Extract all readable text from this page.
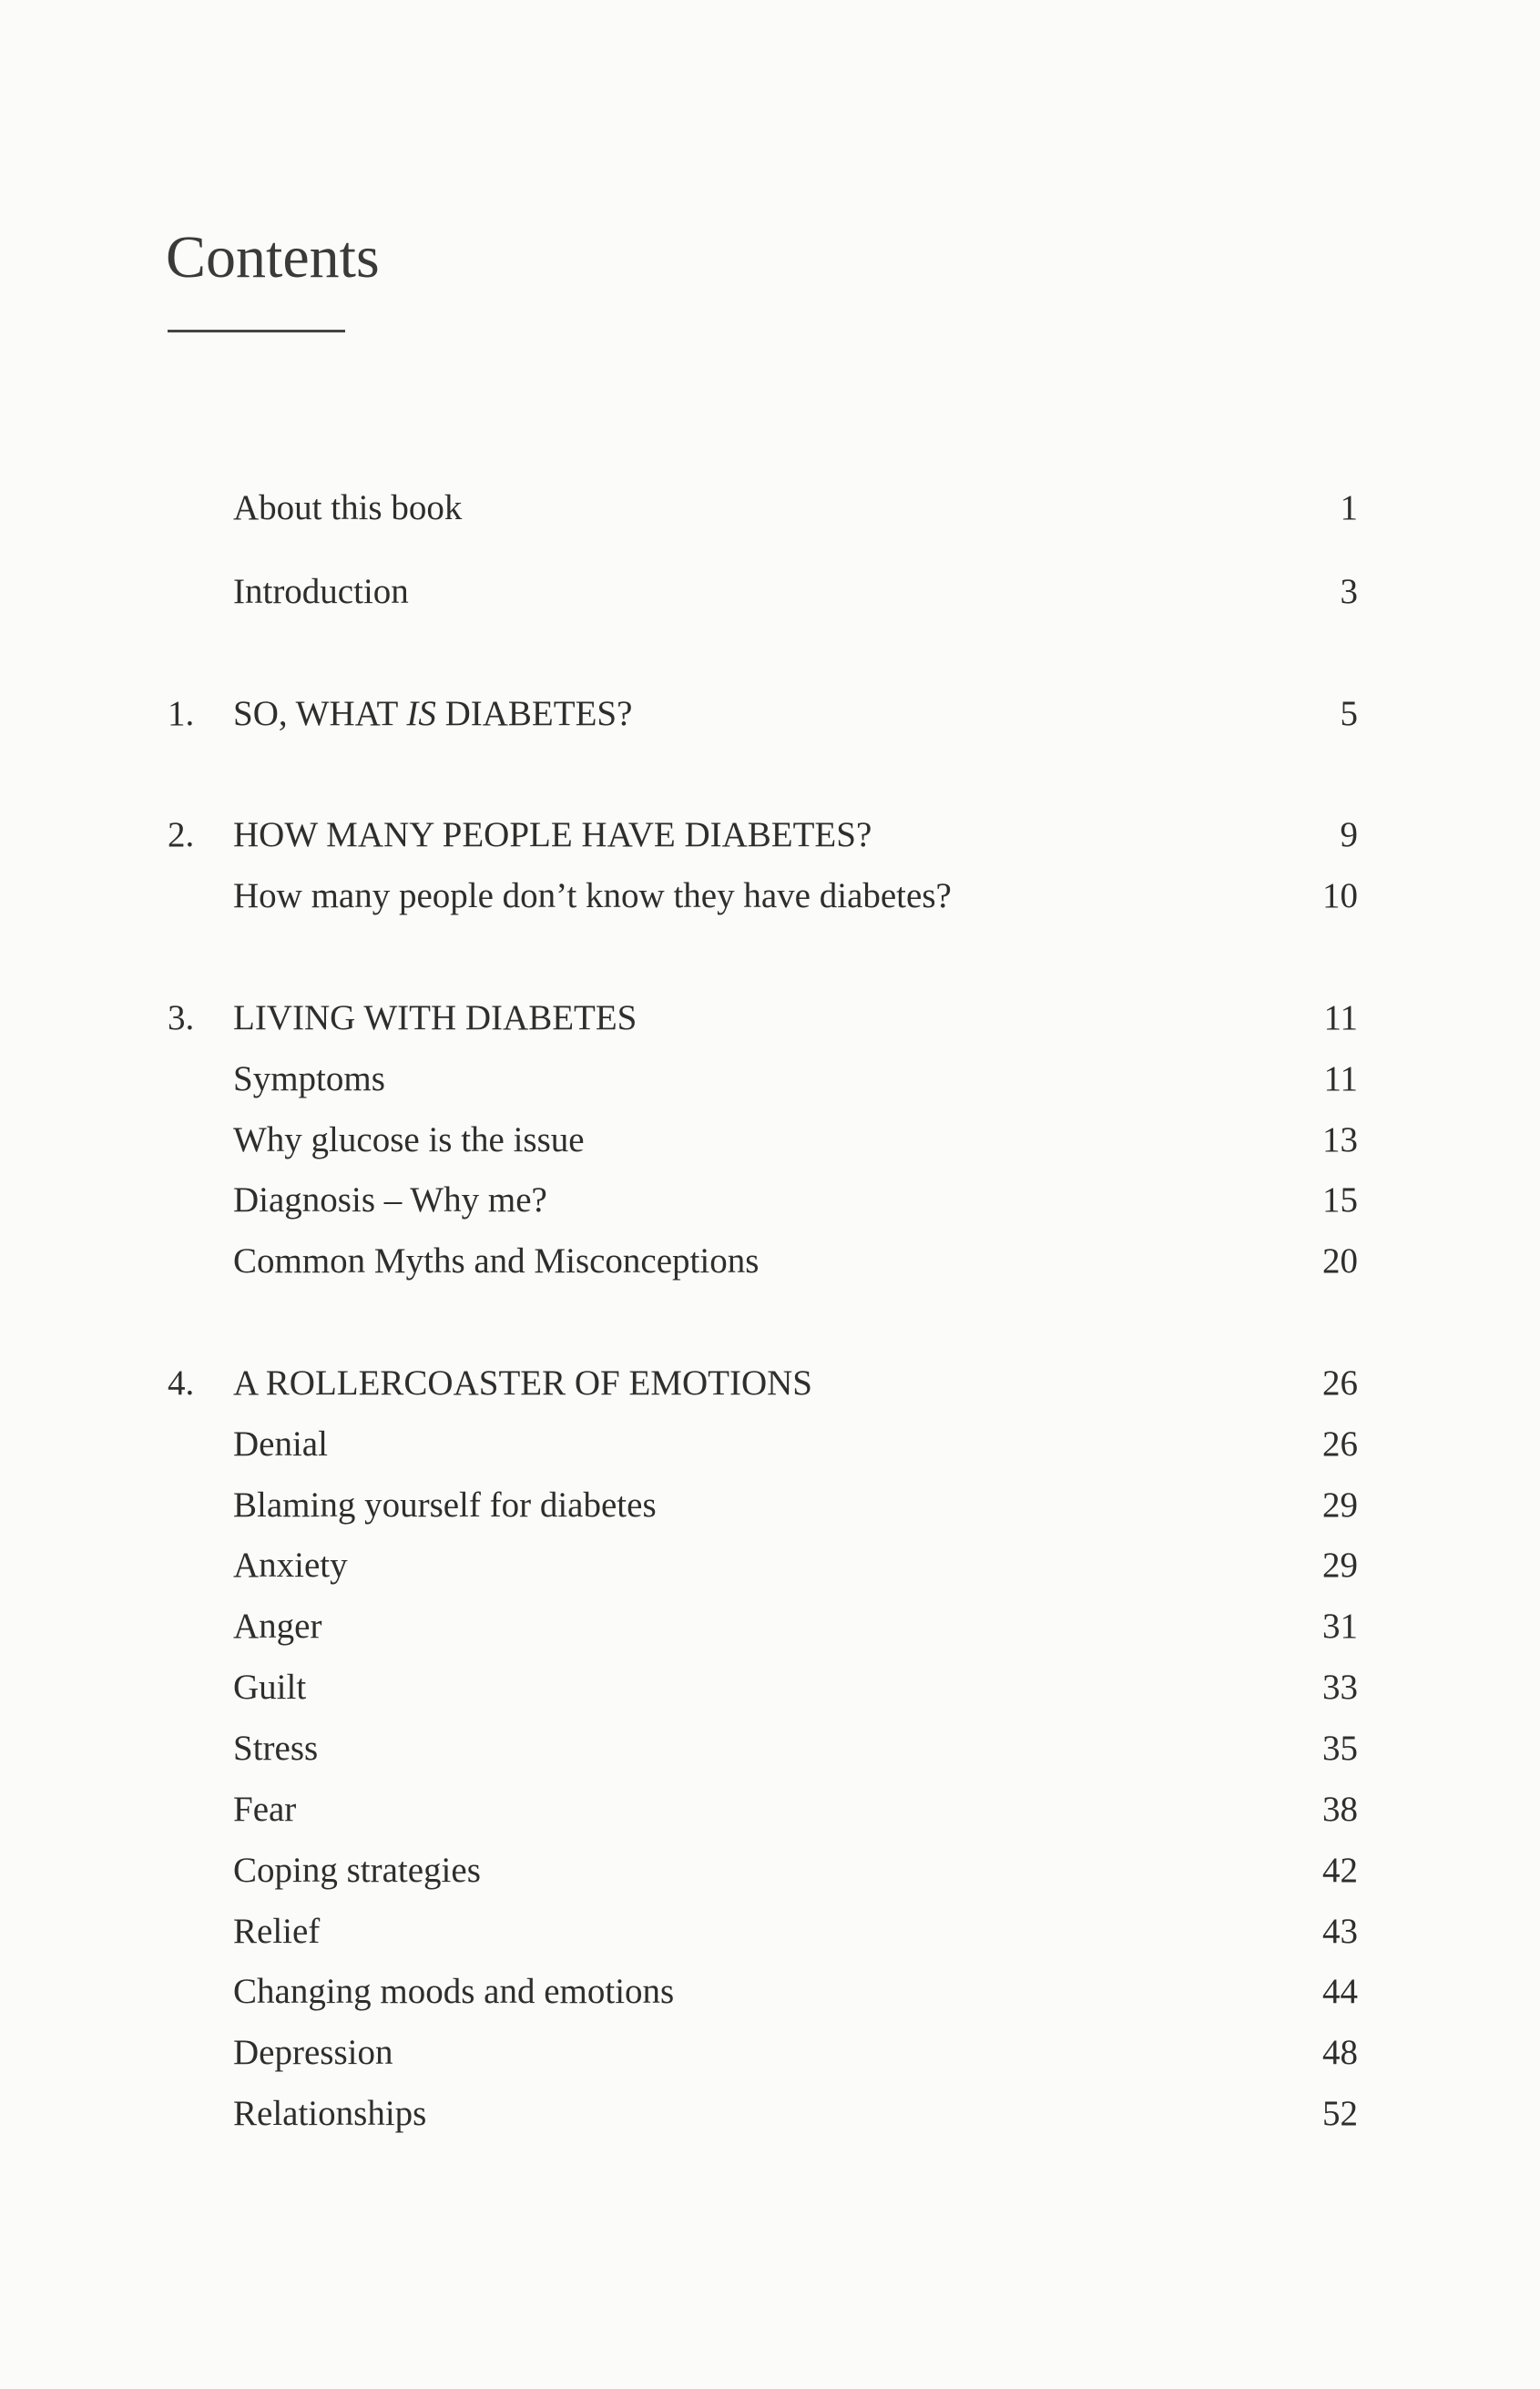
Contents
About this book	1
Introduction	3
1. SO, WHAT IS DIABETES?	5
2. HOW MANY PEOPLE HAVE DIABETES?	9
How many people don’t know they have diabetes?	10
3. LIVING WITH DIABETES	11
Symptoms	11
Why glucose is the issue	13
Diagnosis – Why me?	15
Common Myths and Misconceptions	20
4. A ROLLERCOASTER OF EMOTIONS	26
Denial	26
Blaming yourself for diabetes	29
Anxiety	29
Anger	31
Guilt	33
Stress	35
Fear	38
Coping strategies	42
Relief	43
Changing moods and emotions	44
Depression	48
Relationships	52
